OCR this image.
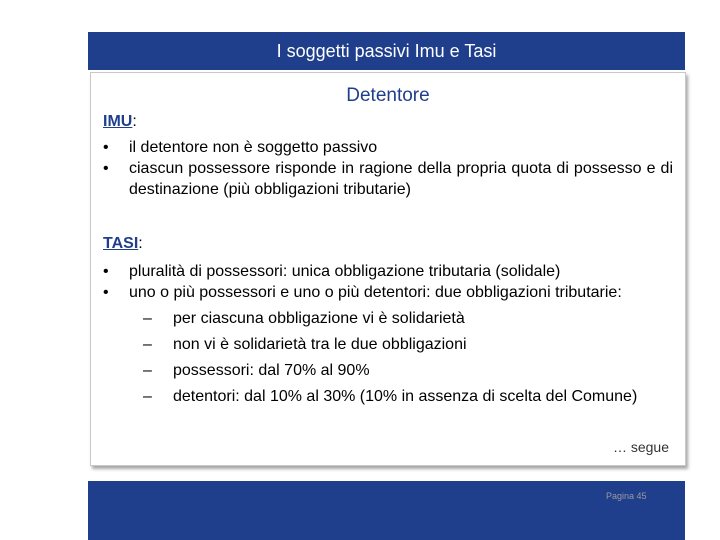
I soggetti passivi Imu e Tasi
Detentore
IMU:
• il detentore non è soggetto passivo
• ciascun possessore risponde in ragione della propria quota di possesso e di destinazione (più obbligazioni tributarie)
TASI:
• pluralità di possessori: unica obbligazione tributaria (solidale)
• uno o più possessori e uno o più detentori: due obbligazioni tributarie:
– per ciascuna obbligazione vi è solidarietà
– non vi è solidarietà tra le due obbligazioni
– possessori: dal 70% al 90%
– detentori: dal 10% al 30% (10% in assenza di scelta del Comune)
… segue
Pagina 45
